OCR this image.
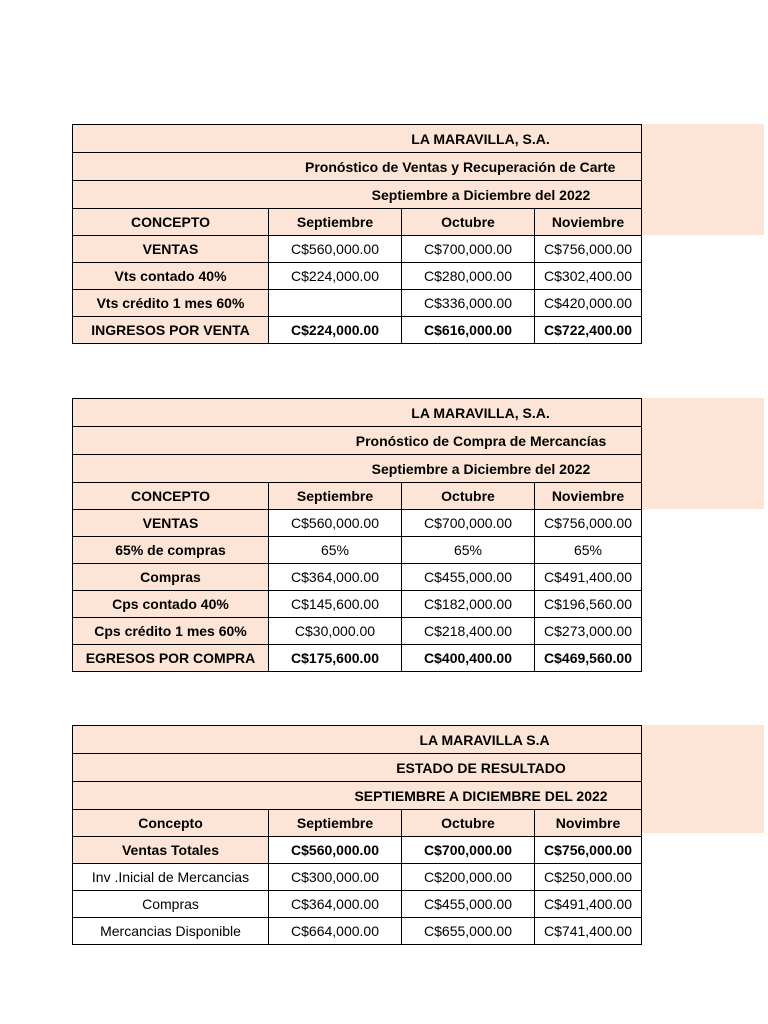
LA MARAVILLA, S.A.			
Pronóstico de Ventas y Recuperación de Carte			
Septiembre a Diciembre del 2022			
CONCEPTO	Septiembre	Octubre	Noviembre
VENTAS	C$560,000.00	C$700,000.00	C$756,000.00
Vts contado 40%	C$224,000.00	C$280,000.00	C$302,400.00
Vts crédito 1 mes 60%		C$336,000.00	C$420,000.00
INGRESOS POR VENTA	C$224,000.00	C$616,000.00	C$722,400.00
LA MARAVILLA, S.A.			
Pronóstico de Compra de Mercancías			
Septiembre a Diciembre del 2022			
CONCEPTO	Septiembre	Octubre	Noviembre
VENTAS	C$560,000.00	C$700,000.00	C$756,000.00
65% de compras	65%	65%	65%
Compras	C$364,000.00	C$455,000.00	C$491,400.00
Cps contado 40%	C$145,600.00	C$182,000.00	C$196,560.00
Cps crédito 1 mes 60%	C$30,000.00	C$218,400.00	C$273,000.00
EGRESOS POR COMPRA	C$175,600.00	C$400,400.00	C$469,560.00
LA MARAVILLA S.A			
ESTADO DE RESULTADO			
SEPTIEMBRE A DICIEMBRE DEL 2022			
Concepto	Septiembre	Octubre	Novimbre
Ventas Totales	C$560,000.00	C$700,000.00	C$756,000.00
Inv .Inicial de Mercancias	C$300,000.00	C$200,000.00	C$250,000.00
Compras	C$364,000.00	C$455,000.00	C$491,400.00
Mercancias Disponible	C$664,000.00	C$655,000.00	C$741,400.00
